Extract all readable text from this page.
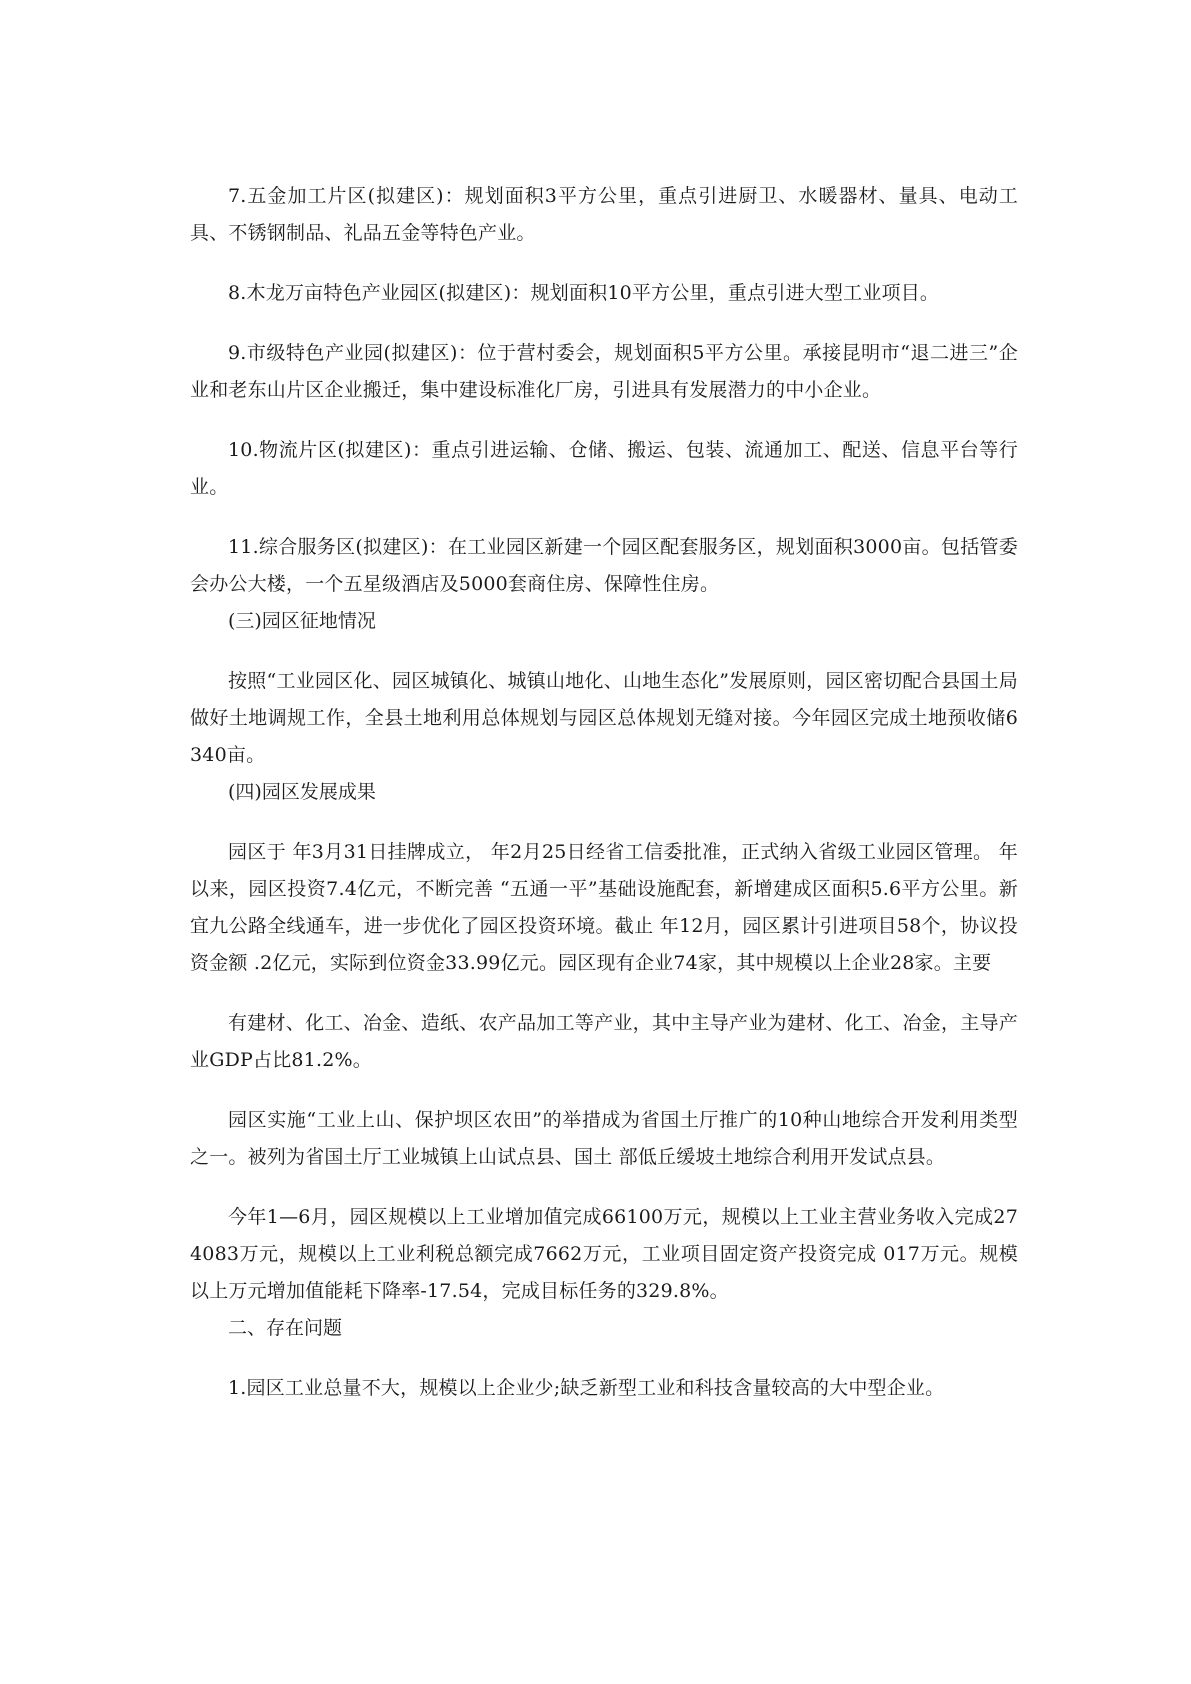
7.五金加工片区(拟建区)：规划面积3平方公里，重点引进厨卫、水暖器材、量具、电动工具、不锈钢制品、礼品五金等特色产业。

8.木龙万亩特色产业园区(拟建区)：规划面积10平方公里，重点引进大型工业项目。

9.市级特色产业园(拟建区)：位于营村委会，规划面积5平方公里。承接昆明市“退二进三”企业和老东山片区企业搬迁，集中建设标准化厂房，引进具有发展潜力的中小企业。

10.物流片区(拟建区)：重点引进运输、仓储、搬运、包装、流通加工、配送、信息平台等行业。

11.综合服务区(拟建区)：在工业园区新建一个园区配套服务区，规划面积3000亩。包括管委会办公大楼，一个五星级酒店及5000套商住房、保障性住房。

(三)园区征地情况

按照“工业园区化、园区城镇化、城镇山地化、山地生态化”发展原则，园区密切配合县国土局做好土地调规工作，全县土地利用总体规划与园区总体规划无缝对接。今年园区完成土地预收储6340亩。

(四)园区发展成果

园区于 年3月31日挂牌成立， 年2月25日经省工信委批准，正式纳入省级工业园区管理。 年以来，园区投资7.4亿元，不断完善 “五通一平”基础设施配套，新增建成区面积5.6平方公里。新宜九公路全线通车，进一步优化了园区投资环境。截止 年12月，园区累计引进项目58个，协议投资金额 .2亿元，实际到位资金33.99亿元。园区现有企业74家，其中规模以上企业28家。主要

有建材、化工、冶金、造纸、农产品加工等产业，其中主导产业为建材、化工、冶金，主导产业GDP占比81.2%。

园区实施“工业上山、保护坝区农田”的举措成为省国土厅推广的10种山地综合开发利用类型之一。被列为省国土厅工业城镇上山试点县、国土 部低丘缓坡土地综合利用开发试点县。

今年1—6月，园区规模以上工业增加值完成66100万元，规模以上工业主营业务收入完成274083万元，规模以上工业利税总额完成7662万元，工业项目固定资产投资完成 017万元。规模以上万元增加值能耗下降率-17.54，完成目标任务的329.8%。

二、存在问题

1.园区工业总量不大，规模以上企业少;缺乏新型工业和科技含量较高的大中型企业。
